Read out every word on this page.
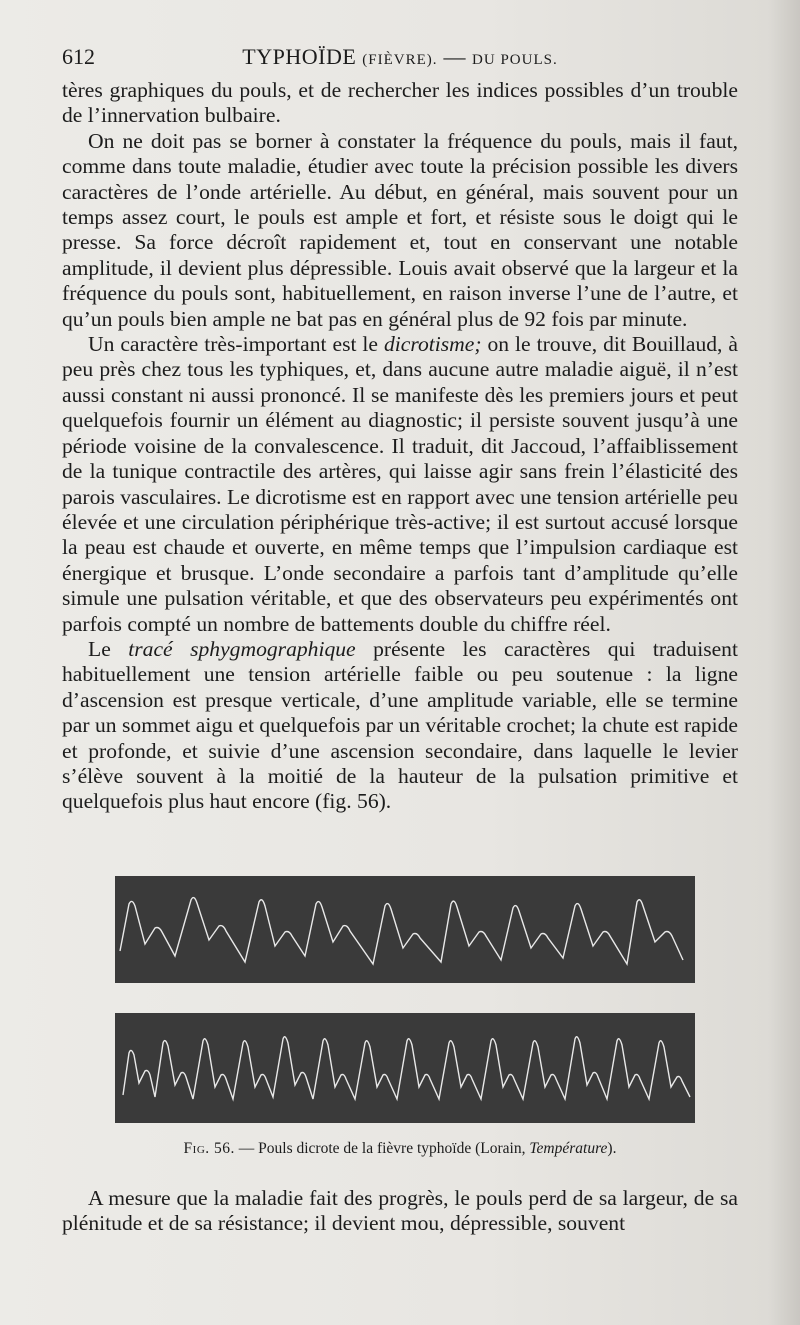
612	TYPHOÏDE (FIÈVRE). — DU POULS.

tères graphiques du pouls, et de rechercher les indices possibles d’un trouble de l’innervation bulbaire.

On ne doit pas se borner à constater la fréquence du pouls, mais il faut, comme dans toute maladie, étudier avec toute la précision possible les divers caractères de l’onde artérielle. Au début, en général, mais souvent pour un temps assez court, le pouls est ample et fort, et résiste sous le doigt qui le presse. Sa force décroît rapidement et, tout en conservant une notable amplitude, il devient plus dépressible. Louis avait observé que la largeur et la fréquence du pouls sont, habituellement, en raison inverse l’une de l’autre, et qu’un pouls bien ample ne bat pas en général plus de 92 fois par minute.

Un caractère très-important est le dicrotisme; on le trouve, dit Bouillaud, à peu près chez tous les typhiques, et, dans aucune autre maladie aiguë, il n’est aussi constant ni aussi prononcé. Il se manifeste dès les premiers jours et peut quelquefois fournir un élément au diagnostic; il persiste souvent jusqu’à une période voisine de la convalescence. Il traduit, dit Jaccoud, l’affaiblissement de la tunique contractile des artères, qui laisse agir sans frein l’élasticité des parois vasculaires. Le dicrotisme est en rapport avec une tension artérielle peu élevée et une circulation périphérique très-active; il est surtout accusé lorsque la peau est chaude et ouverte, en même temps que l’impulsion cardiaque est énergique et brusque. L’onde secondaire a parfois tant d’amplitude qu’elle simule une pulsation véritable, et que des observateurs peu expérimentés ont parfois compté un nombre de battements double du chiffre réel.

Le tracé sphygmographique présente les caractères qui traduisent habituellement une tension artérielle faible ou peu soutenue : la ligne d’ascension est presque verticale, d’une amplitude variable, elle se termine par un sommet aigu et quelquefois par un véritable crochet; la chute est rapide et profonde, et suivie d’une ascension secondaire, dans laquelle le levier s’élève souvent à la moitié de la hauteur de la pulsation primitive et quelquefois plus haut encore (fig. 56).

Fig. 56. — Pouls dicrote de la fièvre typhoïde (Lorain, Température).

A mesure que la maladie fait des progrès, le pouls perd de sa largeur, de sa plénitude et de sa résistance; il devient mou, dépressible, souvent
